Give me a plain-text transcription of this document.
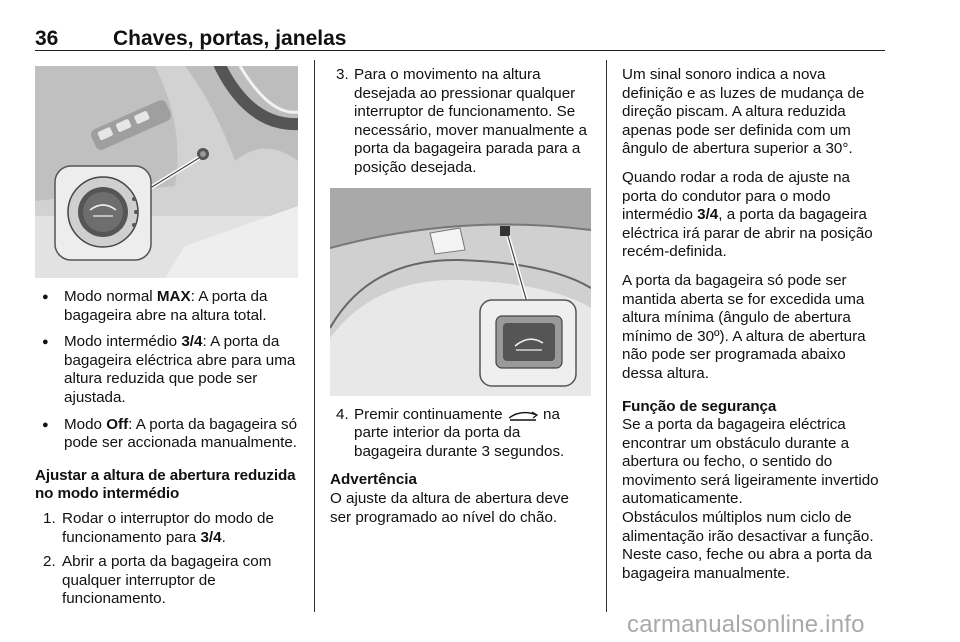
36	Chaves, portas, janelas
● Modo normal MAX: A porta da bagageira abre na altura total.
● Modo intermédio 3/4: A porta da bagageira eléctrica abre para uma altura reduzida que pode ser ajustada.
● Modo Off: A porta da bagageira só pode ser accionada manualmente.
Ajustar a altura de abertura reduzida no modo intermédio
1. Rodar o interruptor do modo de funcionamento para 3/4.
2. Abrir a porta da bagageira com qualquer interruptor de funcionamento.
3. Para o movimento na altura desejada ao pressionar qualquer interruptor de funcionamento. Se necessário, mover manualmente a porta da bagageira parada para a posição desejada.
4. Premir continuamente  na parte interior da porta da bagageira durante 3 segundos.
Advertência
O ajuste da altura de abertura deve ser programado ao nível do chão.
Um sinal sonoro indica a nova definição e as luzes de mudança de direção piscam. A altura reduzida apenas pode ser definida com um ângulo de abertura superior a 30°.
Quando rodar a roda de ajuste na porta do condutor para o modo intermédio 3/4, a porta da bagageira eléctrica irá parar de abrir na posição recém-definida.
A porta da bagageira só pode ser mantida aberta se for excedida uma altura mínima (ângulo de abertura mínimo de 30º). A altura de abertura não pode ser programada abaixo dessa altura.
Função de segurança
Se a porta da bagageira eléctrica encontrar um obstáculo durante a abertura ou fecho, o sentido do movimento será ligeiramente invertido automaticamente.
Obstáculos múltiplos num ciclo de alimentação irão desactivar a função. Neste caso, feche ou abra a porta da bagageira manualmente.
carmanualsonline.info
